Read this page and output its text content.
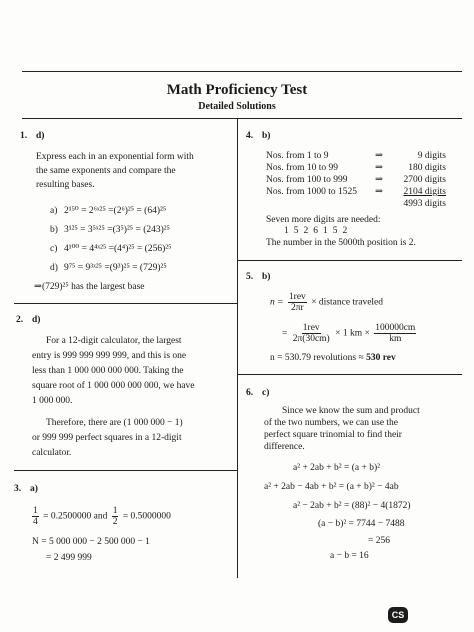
Math Proficiency Test
Detailed Solutions
1. d)
Express each in an exponential form with
the same exponents and compare the
resulting bases.
a) 2¹⁵⁰ = 2⁶ˣ²⁵ =(2⁶)²⁵ = (64)²⁵
b) 3¹²⁵ = 3⁵ˣ²⁵ =(3⁵)²⁵ = (243)²⁵
c) 4¹⁰⁰ = 4⁴ˣ²⁵ =(4⁴)²⁵ = (256)²⁵
d) 9⁷⁵ = 9³ˣ²⁵ =(9³)²⁵ = (729)²⁵
⇒(729)²⁵ has the largest base
2. d)
For a 12-digit calculator, the largest
entry is 999 999 999 999, and this is one
less than 1 000 000 000 000. Taking the
square root of 1 000 000 000 000, we have
1 000 000.
Therefore, there are (1 000 000 − 1)
or 999 999 perfect squares in a 12-digit
calculator.
3. a)
$\frac{1}{4} = 0.2500000$ and $\frac{1}{2} = 0.5000000$
N = 5 000 000 − 2 500 000 − 1
= 2 499 999
4. b)
Nos. from 1 to 9	⇒	9 digits
Nos. from 10 to 99	⇒	180 digits
Nos. from 100 to 999	⇒	2700 digits
Nos. from 1000 to 1525 ⇒	2104 digits
4993 digits
Seven more digits are needed:
1526152
The number in the 5000th position is 2.
5. b)
$n = \frac{\text{1rev}}{2\pi r}$ × distance traveled
= $\frac{\text{1rev}}{2\pi(30cm)} \times 1$ km × $\frac{100000cm}{km}$
n = 530.79 revolutions ≈ 530 rev
6. c)
Since we know the sum and product
of the two numbers, we can use the
perfect square trinomial to find their
difference.
a² + 2ab + b² = (a + b)²
a² + 2ab − 4ab + b² = (a + b)² − 4ab
a² − 2ab + b² = (88)² − 4(1872)
(a − b)² = 7744 − 7488
= 256
a − b = 16
CS
